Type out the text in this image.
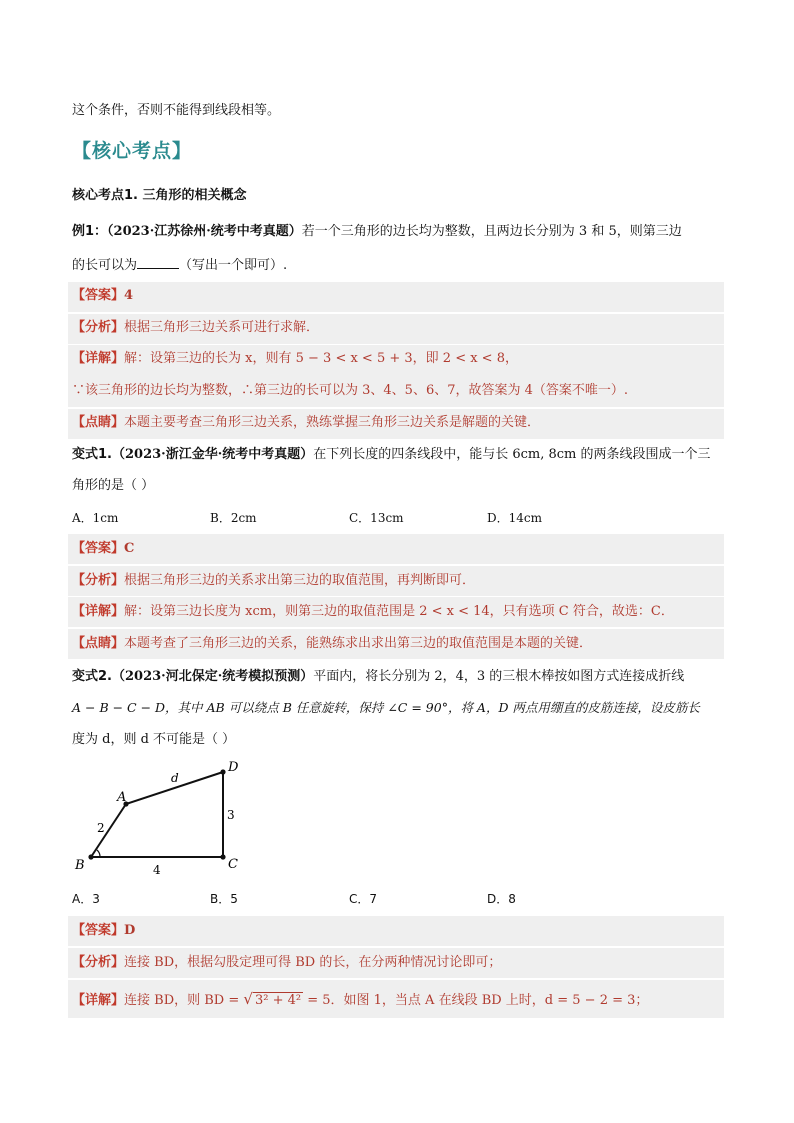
这个条件，否则不能得到线段相等。
【核心考点】
核心考点1. 三角形的相关概念
例1：（2023·江苏徐州·统考中考真题）若一个三角形的边长均为整数，且两边长分别为 3 和 5，则第三边
的长可以为	（写出一个即可）.
【答案】4
【分析】根据三角形三边关系可进行求解．
【详解】解：设第三边的长为 x，则有 5 − 3 < x < 5 + 3，即 2 < x < 8，
∵该三角形的边长均为整数，∴第三边的长可以为 3、4、5、6、7，故答案为 4（答案不唯一）.
【点睛】本题主要考查三角形三边关系，熟练掌握三角形三边关系是解题的关键．
变式1.（2023·浙江金华·统考中考真题）在下列长度的四条线段中，能与长 6cm, 8cm 的两条线段围成一个三
角形的是（ ）
A．1cm	B．2cm	C．13cm	D．14cm
【答案】C
【分析】根据三角形三边的关系求出第三边的取值范围，再判断即可．
【详解】解：设第三边长度为 xcm，则第三边的取值范围是 2 < x < 14，只有选项 C 符合，故选：C．
【点睛】本题考查了三角形三边的关系，能熟练求出求出第三边的取值范围是本题的关键．
变式2.（2023·河北保定·统考模拟预测）平面内，将长分别为 2，4，3 的三根木棒按如图方式连接成折线
A − B − C − D，其中 AB 可以绕点 B 任意旋转，保持 ∠C = 90°，将 A，D 两点用绷直的皮筋连接，设皮筋长
度为 d，则 d 不可能是（ ）
A
B	C
D
d
2
4
3
A．3	B．5	C．7	D．8
【答案】D
【分析】连接 BD，根据勾股定理可得 BD 的长，在分两种情况讨论即可；
【详解】连接 BD，则 BD = √ 3² + 4² = 5．如图 1，当点 A 在线段 BD 上时，d = 5 − 2 = 3；
